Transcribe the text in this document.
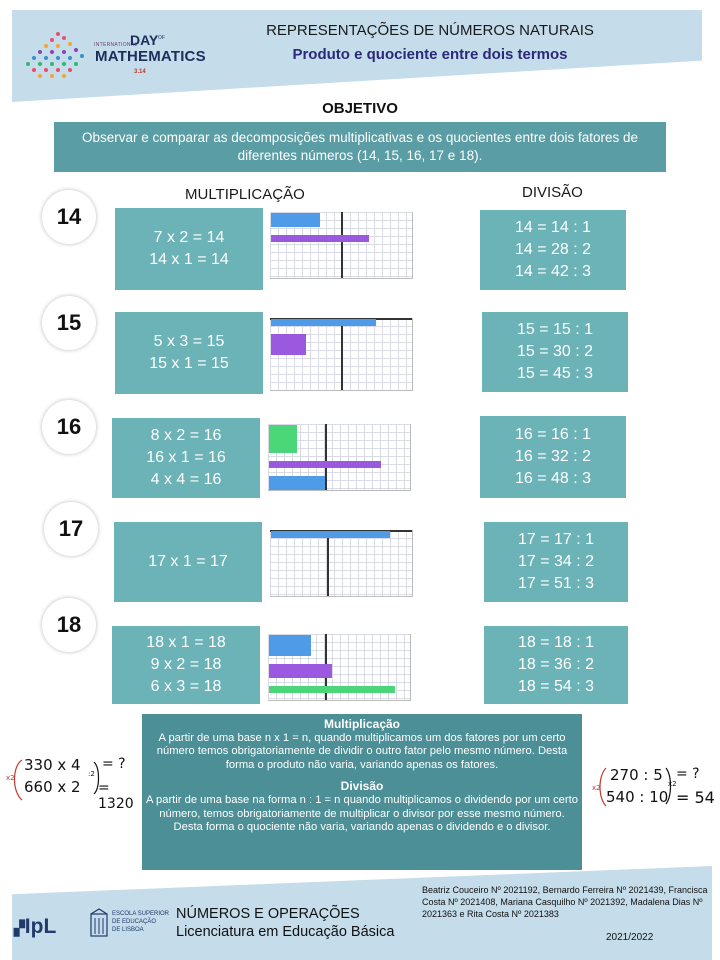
INTERNATIONAL
DAY OF
MATHEMATICS
3.14
REPRESENTAÇÕES DE NÚMEROS NATURAIS
Produto e quociente entre dois termos
OBJETIVO
Observar e comparar as decomposições multiplicativas e os quocientes entre dois fatores de diferentes números (14, 15, 16, 17 e 18).
MULTIPLICAÇÃO	DIVISÃO
14
7 x 2 = 14
14 x 1 = 14
14 = 14 : 1
14 = 28 : 2
14 = 42 : 3
15
5 x 3 = 15
15 x 1 = 15
15 = 15 : 1
15 = 30 : 2
15 = 45 : 3
16	8 x 2 = 16
16 x 1 = 16
4 x 4 = 16
16 = 16 : 1
16 = 32 : 2
16 = 48 : 3
17
17 x 1 = 17
17 = 17 : 1
17 = 34 : 2
17 = 51 : 3
18
18 x 1 = 18
9 x 2 = 18
6 x 3 = 18
18 = 18 : 1
18 = 36 : 2
18 = 54 : 3
Multiplicação
A partir de uma base n x 1 = n, quando multiplicamos um dos fatores por um certo número temos obrigatoriamente de dividir o outro fator pelo mesmo número. Desta forma o produto não varia, variando apenas os fatores.
Divisão
A partir de uma base na forma n : 1 = n quando multiplicamos o dividendo por um certo número, temos obrigatoriamente de multiplicar o divisor por esse mesmo número. Desta forma o quociente não varia, variando apenas o dividendo e o divisor.
330 x 4
660 x 2
= ?
= 1320
x2	:2	270 : 5
540 : 10
= ?
= 54
x2	x2
▞IpL
ESCOLA SUPERIOR
DE EDUCAÇÃO
DE LISBOA
NÚMEROS E OPERAÇÕES
Licenciatura em Educação Básica
Beatriz Couceiro Nº 2021192, Bernardo Ferreira Nº 2021439, Francisca Costa Nº 2021408, Mariana Casquilho Nº 2021392, Madalena Dias Nº 2021363 e Rita Costa Nº 2021383
2021/2022
